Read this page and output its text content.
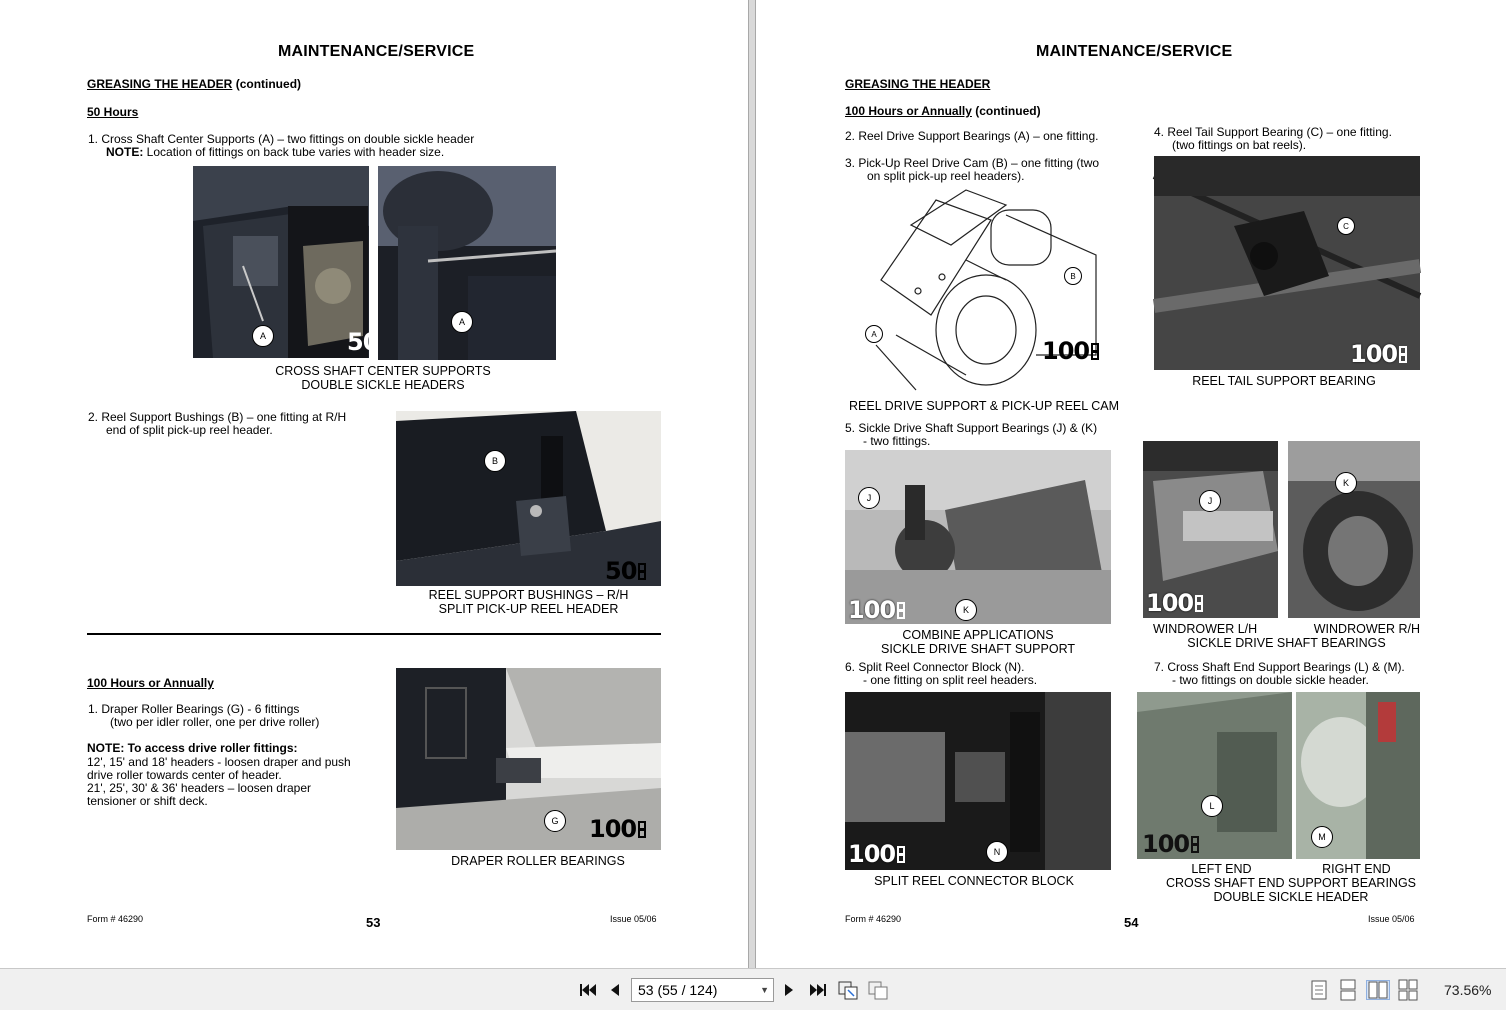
MAINTENANCE/SERVICE
GREASING THE HEADER (continued)
50 Hours
1. Cross Shaft Center Supports (A) – two fittings on double sickle header
NOTE: Location of fittings on back tube varies with header size.
A	50
A
CROSS SHAFT CENTER SUPPORTS
DOUBLE SICKLE HEADERS
2. Reel Support Bushings (B) – one fitting at R/H
end of split pick-up reel header.
B
50
REEL SUPPORT BUSHINGS – R/H
SPLIT PICK-UP REEL HEADER
100 Hours or Annually
1. Draper Roller Bearings (G) - 6 fittings
(two per idler roller, one per drive roller)
NOTE: To access drive roller fittings:
12', 15' and 18' headers - loosen draper and push
drive roller towards center of header.
21', 25', 30' & 36' headers – loosen draper
tensioner or shift deck.
G	100
DRAPER ROLLER BEARINGS
Form # 46290	53	Issue 05/06
MAINTENANCE/SERVICE
GREASING THE HEADER
100 Hours or Annually (continued)
2. Reel Drive Support Bearings (A) – one fitting.
3. Pick-Up Reel Drive Cam (B) – one fitting (two
on split pick-up reel headers).
4. Reel Tail Support Bearing (C) – one fitting.
(two fittings on bat reels).
B
A
100
REEL DRIVE SUPPORT & PICK-UP REEL CAM
C
100
REEL TAIL SUPPORT BEARING
5. Sickle Drive Shaft Support Bearings (J) & (K)
- two fittings.
J
K
100
COMBINE APPLICATIONS
SICKLE DRIVE SHAFT SUPPORT
J
100
K
WINDROWER L/H	WINDROWER R/H
SICKLE DRIVE SHAFT BEARINGS
6. Split Reel Connector Block (N).
- one fitting on split reel headers.
7. Cross Shaft End Support Bearings (L) & (M).
- two fittings on double sickle header.
N
100
SPLIT REEL CONNECTOR BLOCK
L
100	M
LEFT END	RIGHT END
CROSS SHAFT END SUPPORT BEARINGS
DOUBLE SICKLE HEADER
Form # 46290	54	Issue 05/06
53 (55 / 124)	▼	73.56%
